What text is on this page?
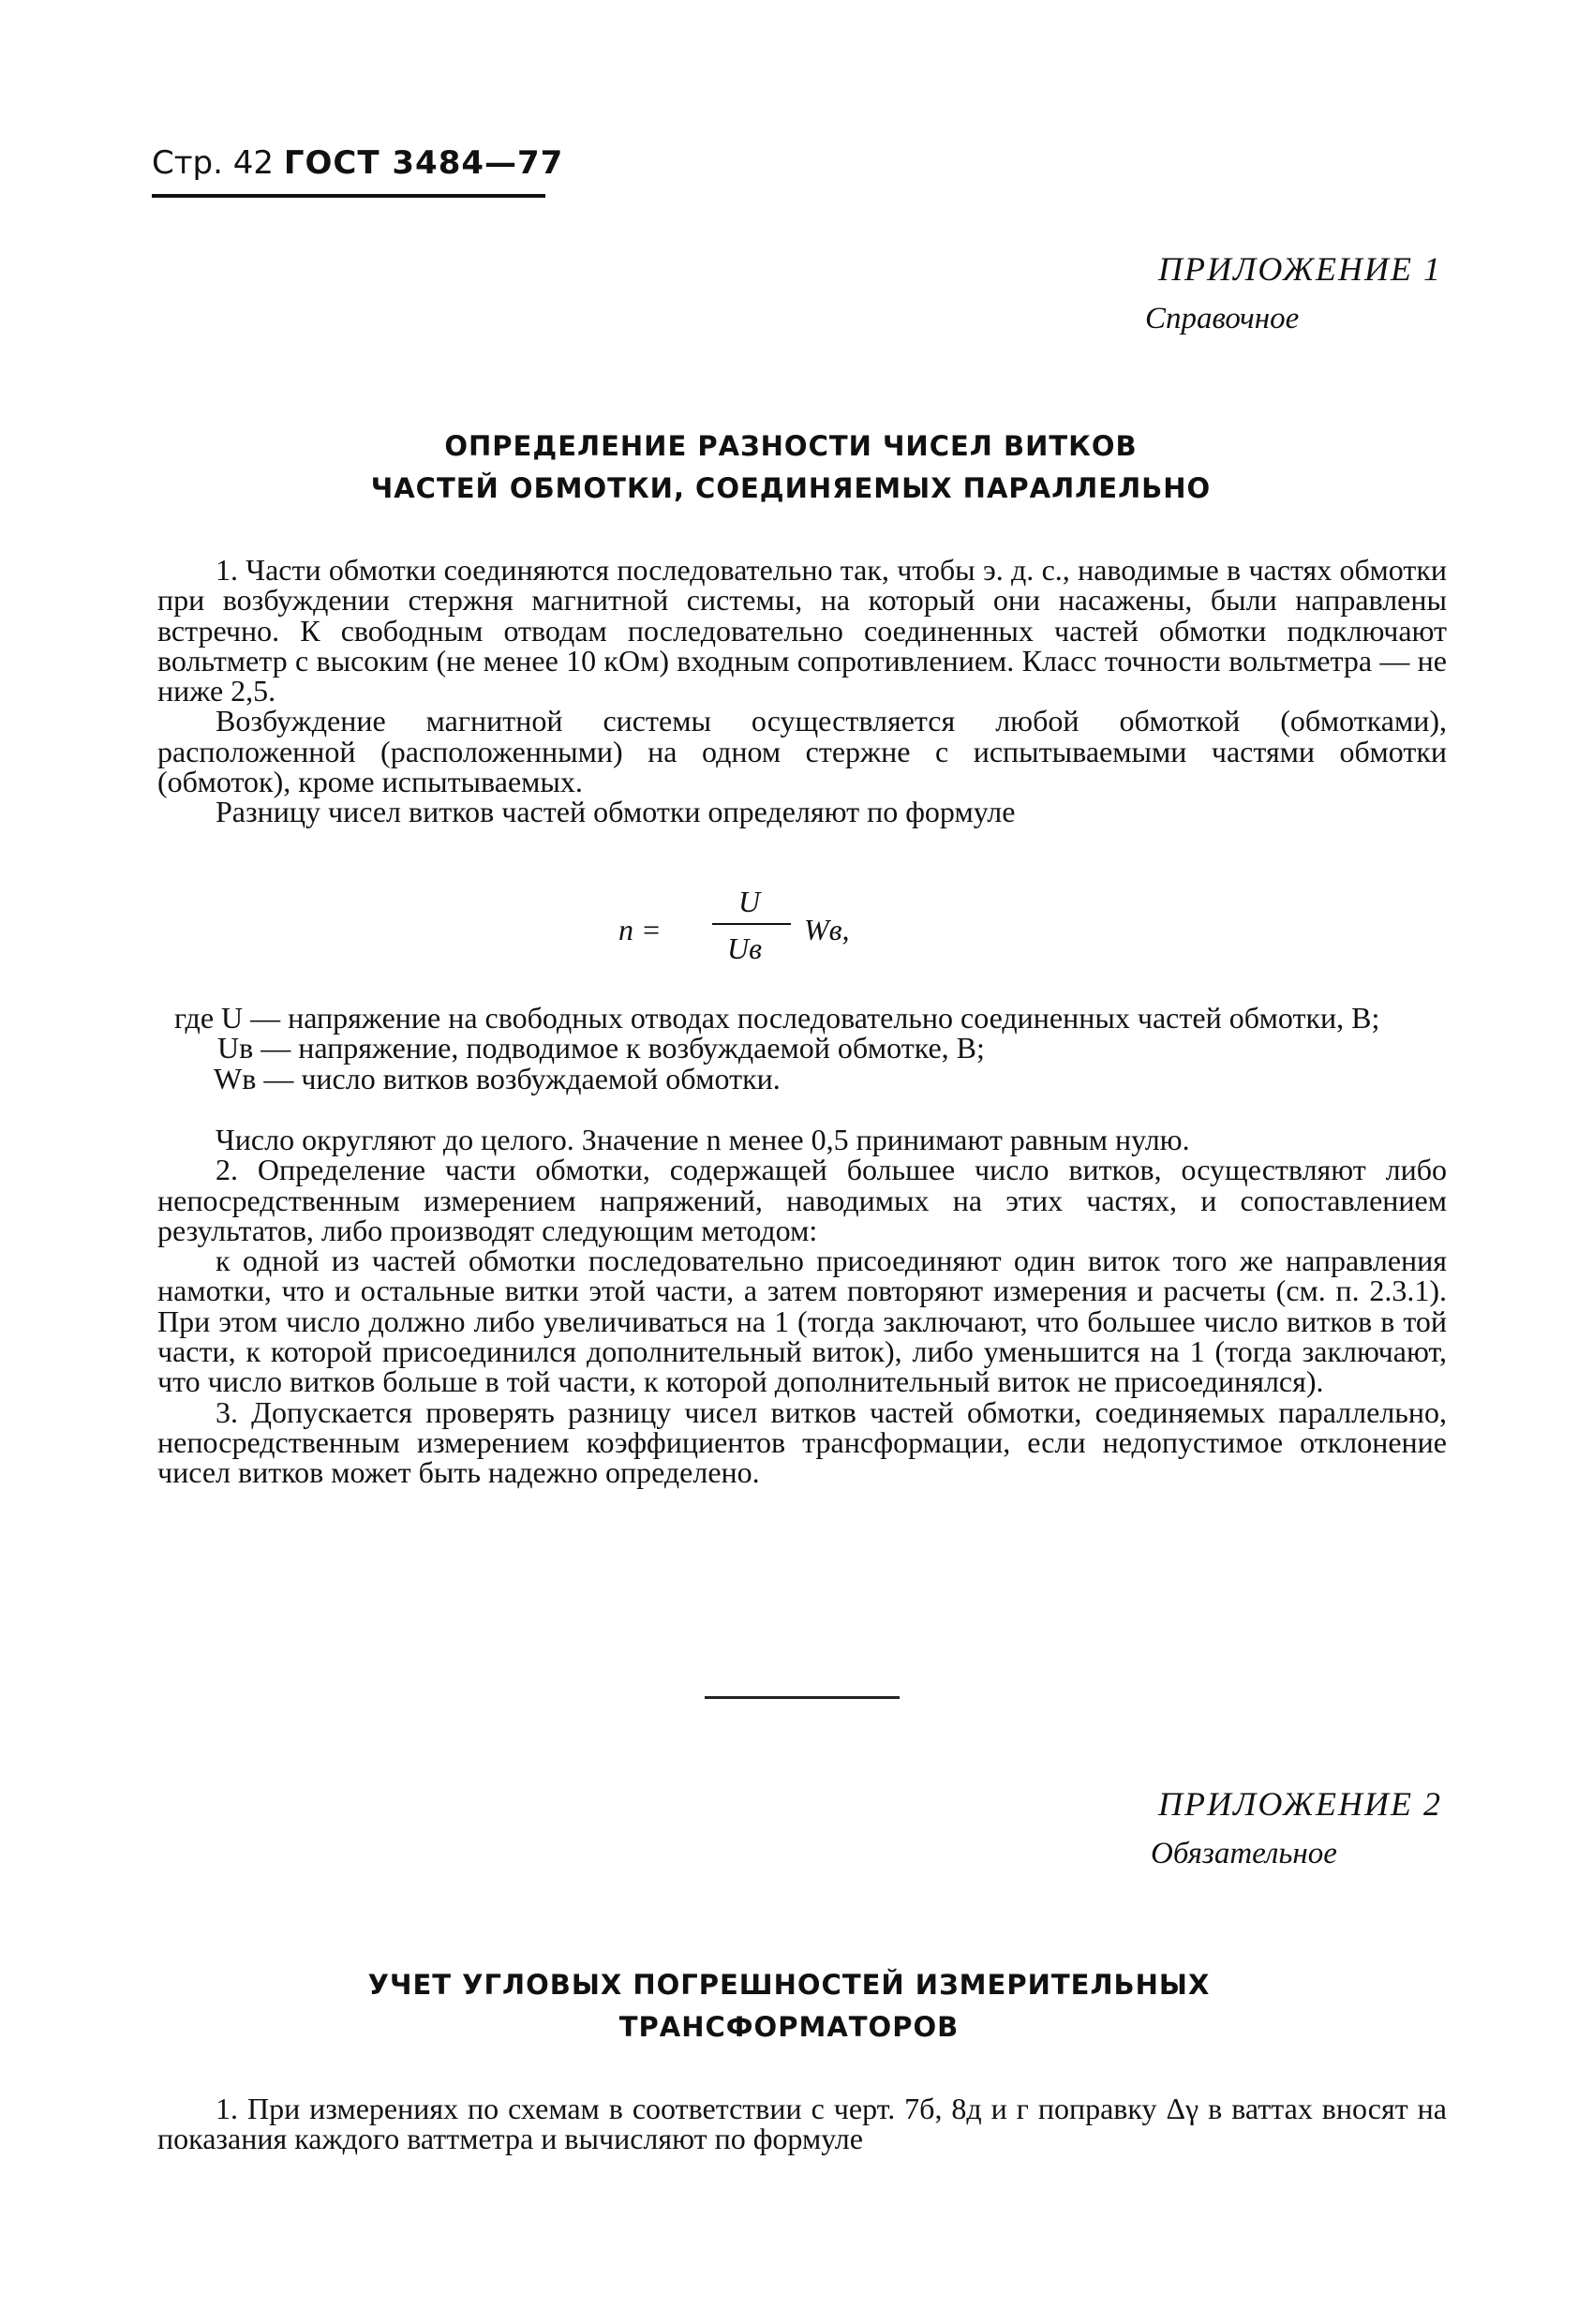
Стр. 42 ГОСТ 3484—77
ПРИЛОЖЕНИЕ 1
Справочное
ОПРЕДЕЛЕНИЕ РАЗНОСТИ ЧИСЕЛ ВИТКОВ
ЧАСТЕЙ ОБМОТКИ, СОЕДИНЯЕМЫХ ПАРАЛЛЕЛЬНО

1. Части обмотки соединяются последовательно так, чтобы э. д. с., наводимые в частях обмотки при возбуждении стержня магнитной системы, на который они насажены, были направлены встречно. К свободным отводам последовательно соединенных частей обмотки подключают вольтметр с высоким (не менее 10 кОм) входным сопротивлением. Класс точности вольтметра — не ниже 2,5.

Возбуждение магнитной системы осуществляется любой обмоткой (обмотками), расположенной (расположенными) на одном стержне с испытываемыми частями обмотки (обмоток), кроме испытываемых.

Разницу чисел витков частей обмотки определяют по формуле

n =
U
Uв
Wв,
где U — напряжение на свободных отводах последовательно соединенных частей обмотки, В;
Uв — напряжение, подводимое к возбуждаемой обмотке, В;
Wв — число витков возбуждаемой обмотки.

Число округляют до целого. Значение n менее 0,5 принимают равным нулю.

2. Определение части обмотки, содержащей большее число витков, осуществляют либо непосредственным измерением напряжений, наводимых на этих частях, и сопоставлением результатов, либо производят следующим методом:

к одной из частей обмотки последовательно присоединяют один виток того же направления намотки, что и остальные витки этой части, а затем повторяют измерения и расчеты (см. п. 2.3.1). При этом число должно либо увеличиваться на 1 (тогда заключают, что большее число витков в той части, к которой присоединился дополнительный виток), либо уменьшится на 1 (тогда заключают, что число витков больше в той части, к которой дополнительный виток не присоединялся).

3. Допускается проверять разницу чисел витков частей обмотки, соединяемых параллельно, непосредственным измерением коэффициентов трансформации, если недопустимое отклонение чисел витков может быть надежно определено.

ПРИЛОЖЕНИЕ 2
Обязательное
УЧЕТ УГЛОВЫХ ПОГРЕШНОСТЕЙ ИЗМЕРИТЕЛЬНЫХ
ТРАНСФОРМАТОРОВ

1. При измерениях по схемам в соответствии с черт. 7б, 8д и г поправку Δγ в ваттах вносят на показания каждого ваттметра и вычисляют по формуле
